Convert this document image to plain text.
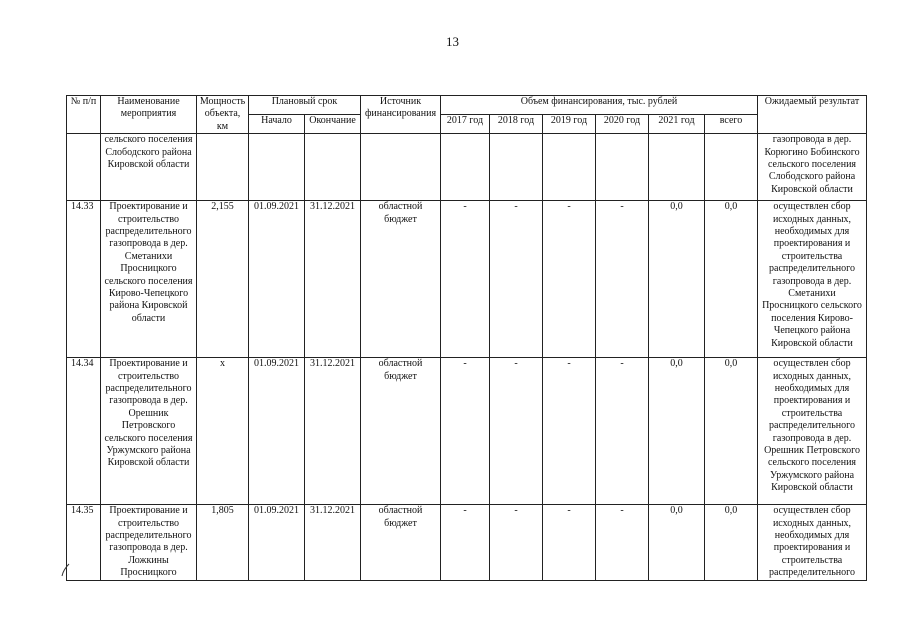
13
№ п/п	Наименование мероприятия	Мощность объекта, км	Плановый срок		Источник финансирования	Объем финансирования, тыс. рублей						Ожидаемый результат
			Начало	Окончание		2017 год	2018 год	2019 год	2020 год	2021 год	всего	
	сельского поселения Слободского района Кировской области											газопровода в дер. Корюгино Бобинского сельского поселения Слободского района Кировской области
14.33	Проектирование и строительство распределительного газопровода в дер. Сметанихи Просницкого сельского поселения Кирово-Чепецкого района Кировской области	2,155	01.09.2021	31.12.2021	областной бюджет	-	-	-	-	0,0	0,0	осуществлен сбор исходных данных, необходимых для проектирования и строительства распределительного газопровода в дер. Сметанихи Просницкого сельского поселения Кирово-Чепецкого района Кировской области
14.34	Проектирование и строительство распределительного газопровода в дер. Орешник Петровского сельского поселения Уржумского района Кировской области	x	01.09.2021	31.12.2021	областной бюджет	-	-	-	-	0,0	0,0	осуществлен сбор исходных данных, необходимых для проектирования и строительства распределительного газопровода в дер. Орешник Петровского сельского поселения Уржумского района Кировской области
14.35	Проектирование и строительство распределительного газопровода в дер. Ложкины Просницкого	1,805	01.09.2021	31.12.2021	областной бюджет	-	-	-	-	0,0	0,0	осуществлен сбор исходных данных, необходимых для проектирования и строительства распределительного
